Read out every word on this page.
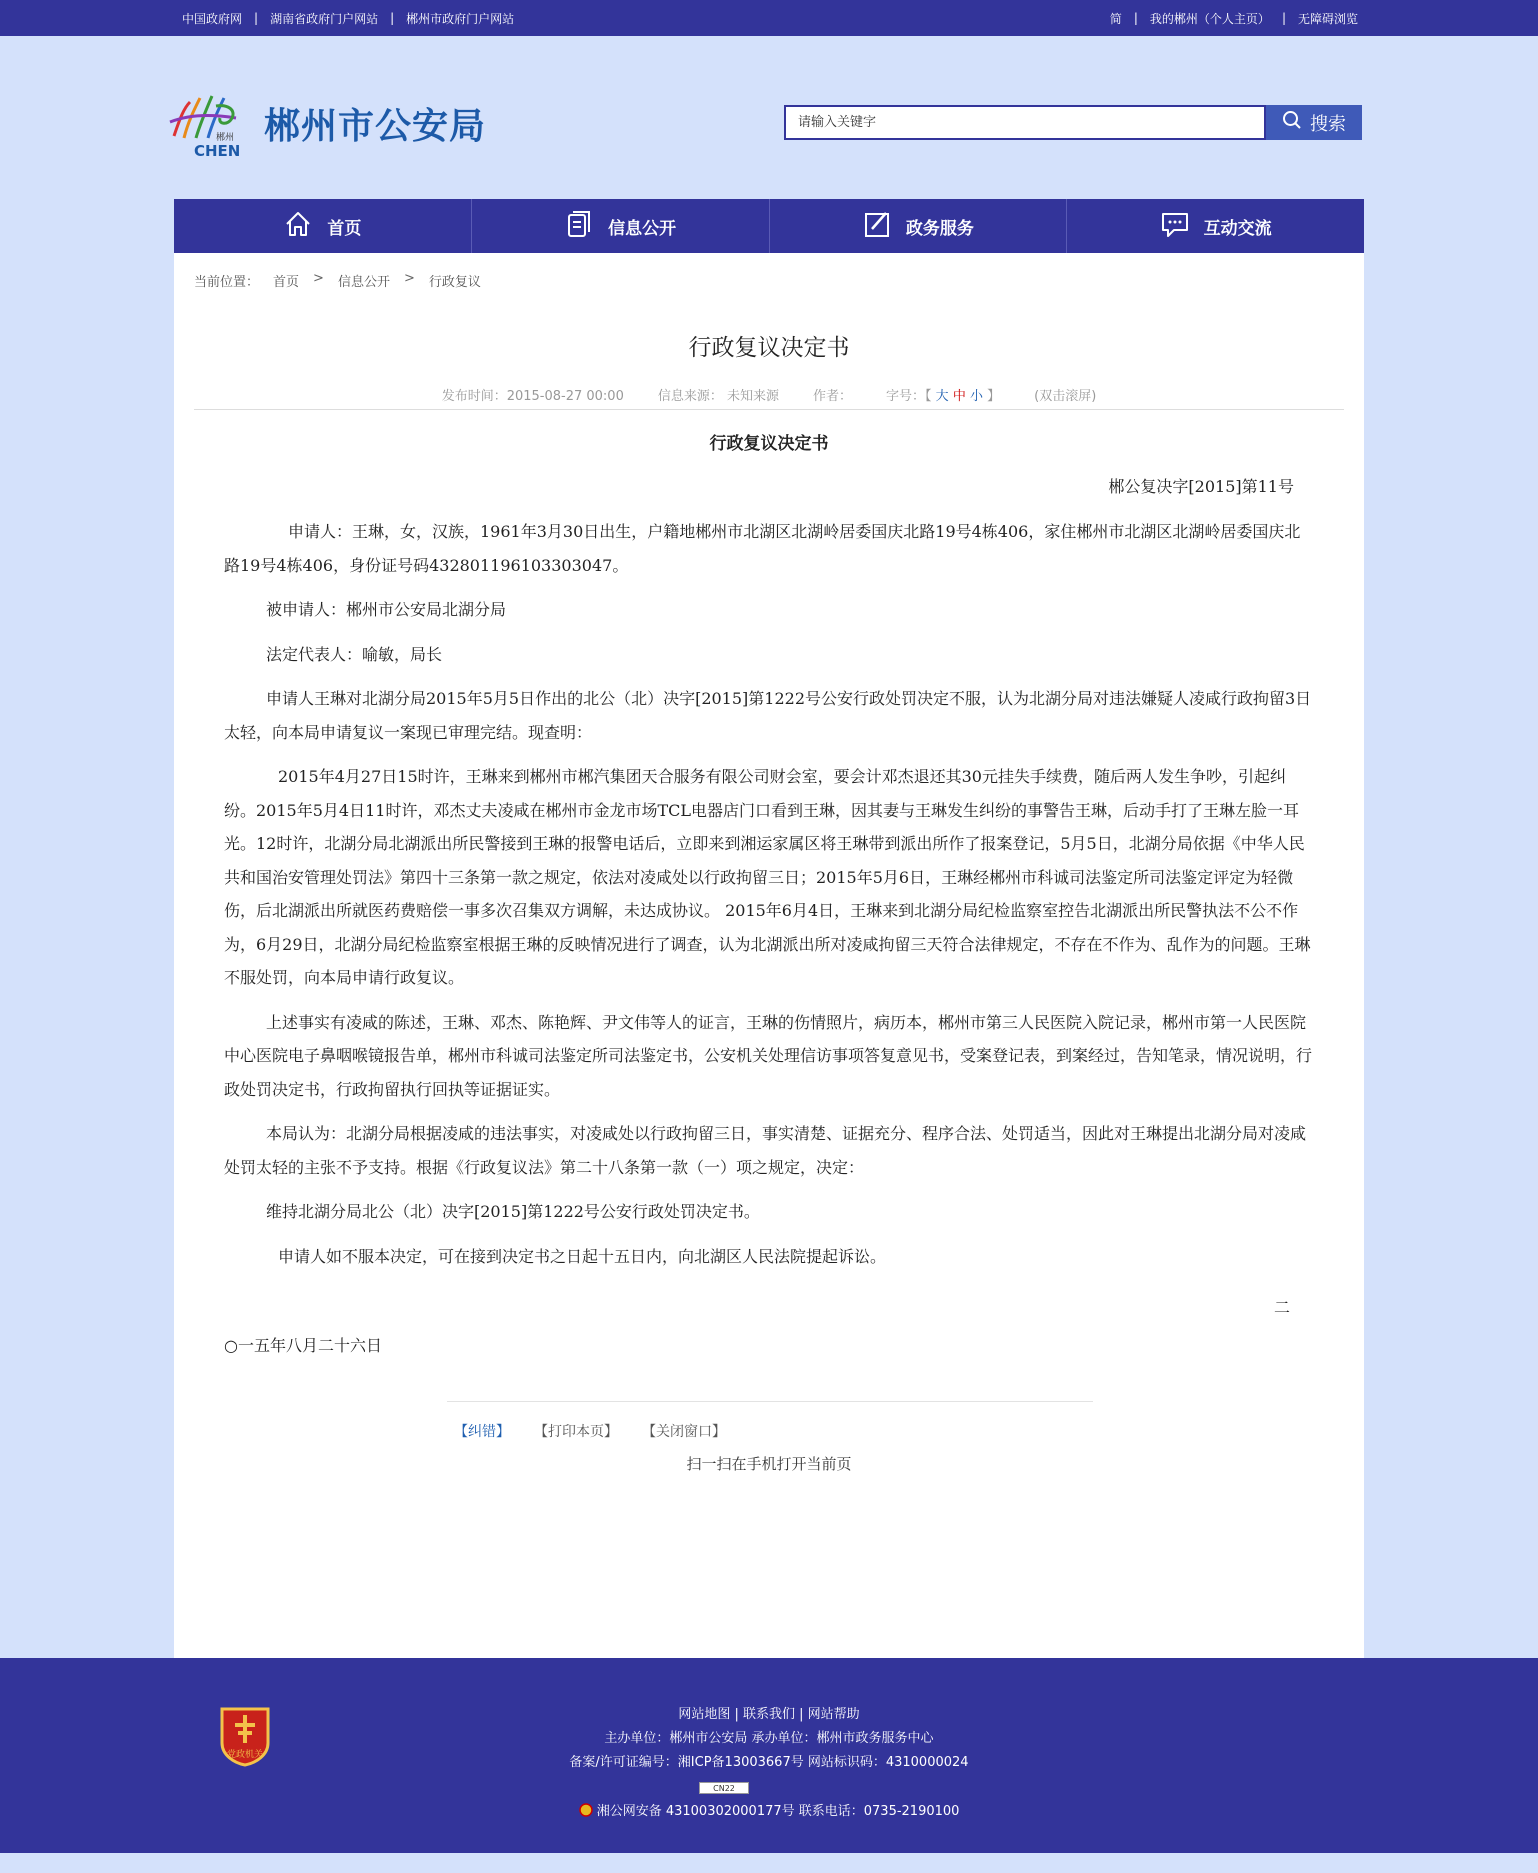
中国政府网 | 湖南省政府门户网站 | 郴州市政府门户网站	简 | 我的郴州（个人主页） | 无障碍浏览
郴州
CHEN
郴州市公安局	请输入关键字	搜索
首页	信息公开	政务服务	互动交流
当前位置： 首页 > 信息公开 > 行政复议
行政复议决定书
发布时间：2015-08-27 00:00	信息来源： 未知来源	作者：	字号：【 大 中 小 】	(双击滚屏)
行政复议决定书
郴公复决字[2015]第11号

申请人：王琳，女，汉族，1961年3月30日出生，户籍地郴州市北湖区北湖岭居委国庆北路19号4栋406，家住郴州市北湖区北湖岭居委国庆北路19号4栋406，身份证号码432801196103303047。

被申请人：郴州市公安局北湖分局

法定代表人：喻敏，局长

申请人王琳对北湖分局2015年5月5日作出的北公（北）决字[2015]第1222号公安行政处罚决定不服，认为北湖分局对违法嫌疑人凌咸行政拘留3日太轻，向本局申请复议一案现已审理完结。现查明：

2015年4月27日15时许，王琳来到郴州市郴汽集团天合服务有限公司财会室，要会计邓杰退还其30元挂失手续费，随后两人发生争吵，引起纠纷。2015年5月4日11时许，邓杰丈夫凌咸在郴州市金龙市场TCL电器店门口看到王琳，因其妻与王琳发生纠纷的事警告王琳，后动手打了王琳左脸一耳光。12时许，北湖分局北湖派出所民警接到王琳的报警电话后，立即来到湘运家属区将王琳带到派出所作了报案登记，5月5日，北湖分局依据《中华人民共和国治安管理处罚法》第四十三条第一款之规定，依法对凌咸处以行政拘留三日；2015年5月6日，王琳经郴州市科诚司法鉴定所司法鉴定评定为轻微伤，后北湖派出所就医药费赔偿一事多次召集双方调解，未达成协议。 2015年6月4日，王琳来到北湖分局纪检监察室控告北湖派出所民警执法不公不作为，6月29日，北湖分局纪检监察室根据王琳的反映情况进行了调查，认为北湖派出所对凌咸拘留三天符合法律规定，不存在不作为、乱作为的问题。王琳不服处罚，向本局申请行政复议。

上述事实有凌咸的陈述，王琳、邓杰、陈艳辉、尹文伟等人的证言，王琳的伤情照片，病历本，郴州市第三人民医院入院记录，郴州市第一人民医院中心医院电子鼻咽喉镜报告单，郴州市科诚司法鉴定所司法鉴定书，公安机关处理信访事项答复意见书，受案登记表，到案经过，告知笔录，情况说明，行政处罚决定书，行政拘留执行回执等证据证实。

本局认为：北湖分局根据凌咸的违法事实，对凌咸处以行政拘留三日，事实清楚、证据充分、程序合法、处罚适当，因此对王琳提出北湖分局对凌咸处罚太轻的主张不予支持。根据《行政复议法》第二十八条第一款（一）项之规定，决定：

维持北湖分局北公（北）决字[2015]第1222号公安行政处罚决定书。

申请人如不服本决定，可在接到决定书之日起十五日内，向北湖区人民法院提起诉讼。

二
○一五年八月二十六日
【纠错】 【打印本页】 【关闭窗口】
扫一扫在手机打开当前页
党政机关
网站地图 | 联系我们 | 网站帮助
主办单位：郴州市公安局 承办单位：郴州市政务服务中心
备案/许可证编号：湘ICP备13003667号 网站标识码：4310000024
CN22
湘公网安备 43100302000177号 联系电话：0735-2190100
